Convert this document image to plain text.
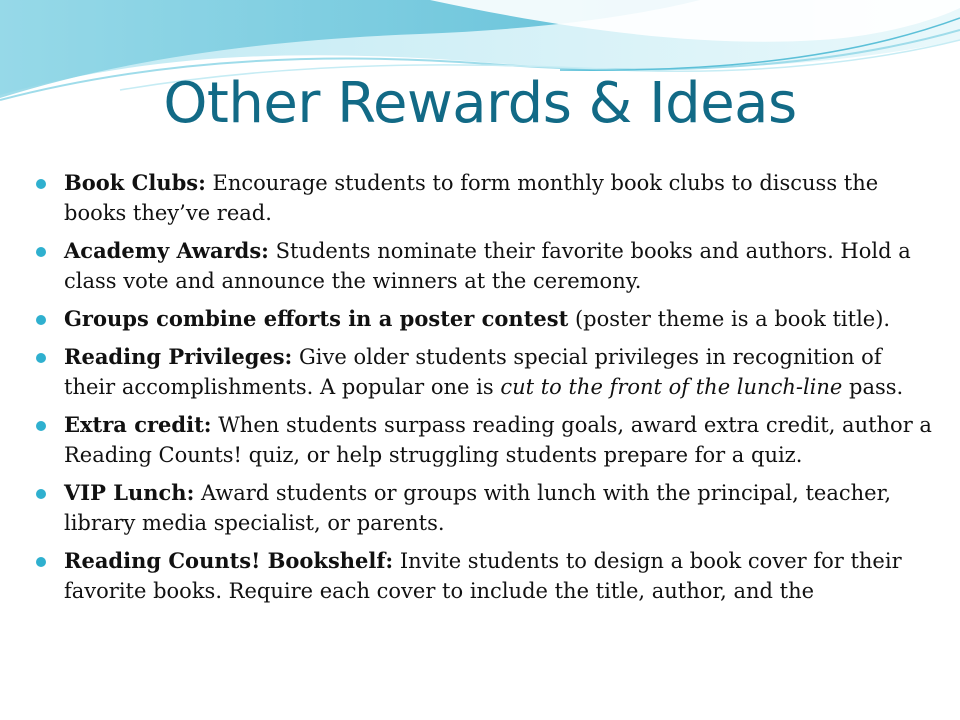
Other Rewards & Ideas
Book Clubs: Encourage students to form monthly book clubs to discuss the books they’ve read.
Academy Awards: Students nominate their favorite books and authors. Hold a class vote and announce the winners at the ceremony.
Groups combine efforts in a poster contest (poster theme is a book title).
Reading Privileges: Give older students special privileges in recognition of their accomplishments. A popular one is cut to the front of the lunch-line pass.
Extra credit: When students surpass reading goals, award extra credit, author a Reading Counts! quiz, or help struggling students prepare for a quiz.
VIP Lunch: Award students or groups with lunch with the principal, teacher, library media specialist, or parents.
Reading Counts! Bookshelf: Invite students to design a book cover for their favorite books. Require each cover to include the title, author, and the
